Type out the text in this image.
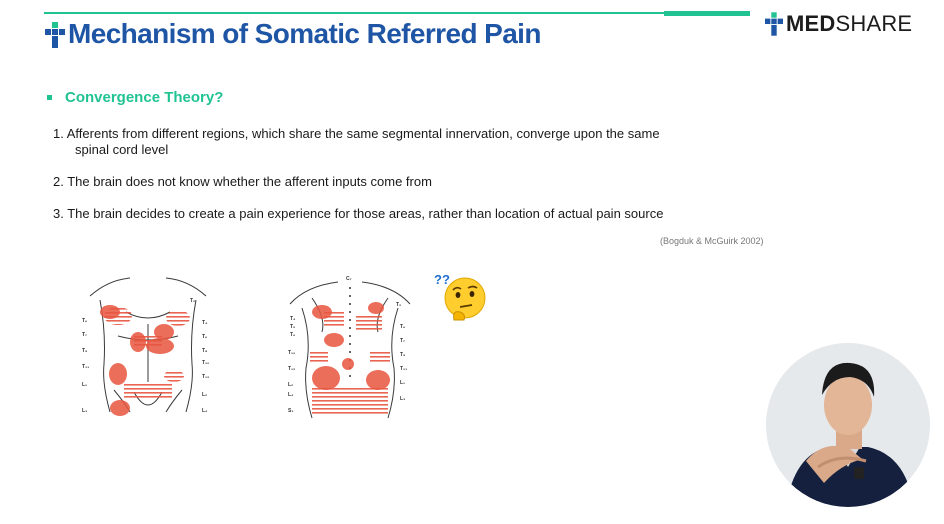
Mechanism of Somatic Referred Pain	MEDSHARE
Convergence Theory?
1. Afferents from different regions, which share the same segmental innervation, converge upon the same
spinal cord level
2. The brain does not know whether the afferent inputs come from
3. The brain decides to create a pain experience for those areas, rather than location of actual pain source
(Bogduk & McGuirk 2002)
T₆
T₇
T₉
T₁₁
L₁
L₃
T₂
T₄
T₆
T₈
T₁₀
T₁₂
L₂
L₄
C₇
T₄
T₅
T₆
T₁₀
T₁₂
L₂
L₄
S₁
T₂
T₆
T₇
T₉
T₁₁
L₁
L₃
??
